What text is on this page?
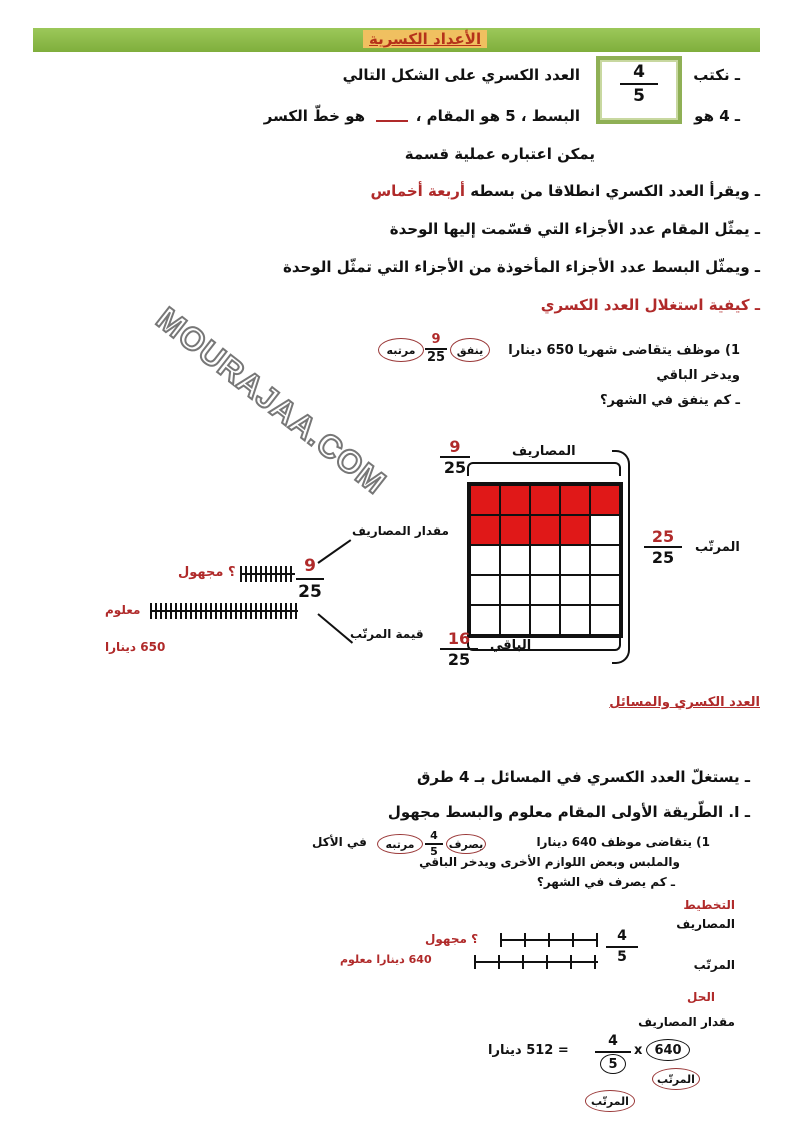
الأعداد الكسرية
ـ نكتب
العدد الكسري على الشكل التالي	4
5
ـ 4 هو
البسط ، 5 هو المقام ،
هو خطّ الكسر
يمكن اعتباره عملية قسمة
ـ ويقرأ العدد الكسري انطلاقا من بسطه أربعة أخماس
ـ يمثّل المقام عدد الأجزاء التي قسّمت إليها الوحدة
ـ ويمثّل البسط عدد الأجزاء المأخوذة من الأجزاء التي تمثّل الوحدة
ـ كيفية استغلال العدد الكسري
1) موظف يتقاضى شهريا 650 دينارا
ينفق
9
25
مرتبه
ويدخر الباقي
ـ كم ينفق في الشهر؟
المصاريف
9
25
25
25
المرتّب
16
25
الباقي
9
25
مقدار المصاريف
قيمة المرتّب
؟ مجهول
معلوم
650 دينارا
MOURAJAA.COM
العدد الكسري والمسائل
ـ يستغلّ العدد الكسري في المسائل بـ 4 طرق
ـ I. الطّريقة الأولى المقام معلوم والبسط مجهول
1) يتقاضى موظف 640 دينارا
يصرف
4
5
مرتبه
في الأكل
والملبس وبعض اللوازم الأخرى ويدخر الباقي
ـ كم يصرف في الشهر؟
التخطيط
المصاريف
المرتّب
4
5
؟ مجهول
640 دينارا معلوم
الحل
مقدار المصاريف
= 512 دينارا $\frac{4}{5}$ x 640
المرتّب
المرتّب
